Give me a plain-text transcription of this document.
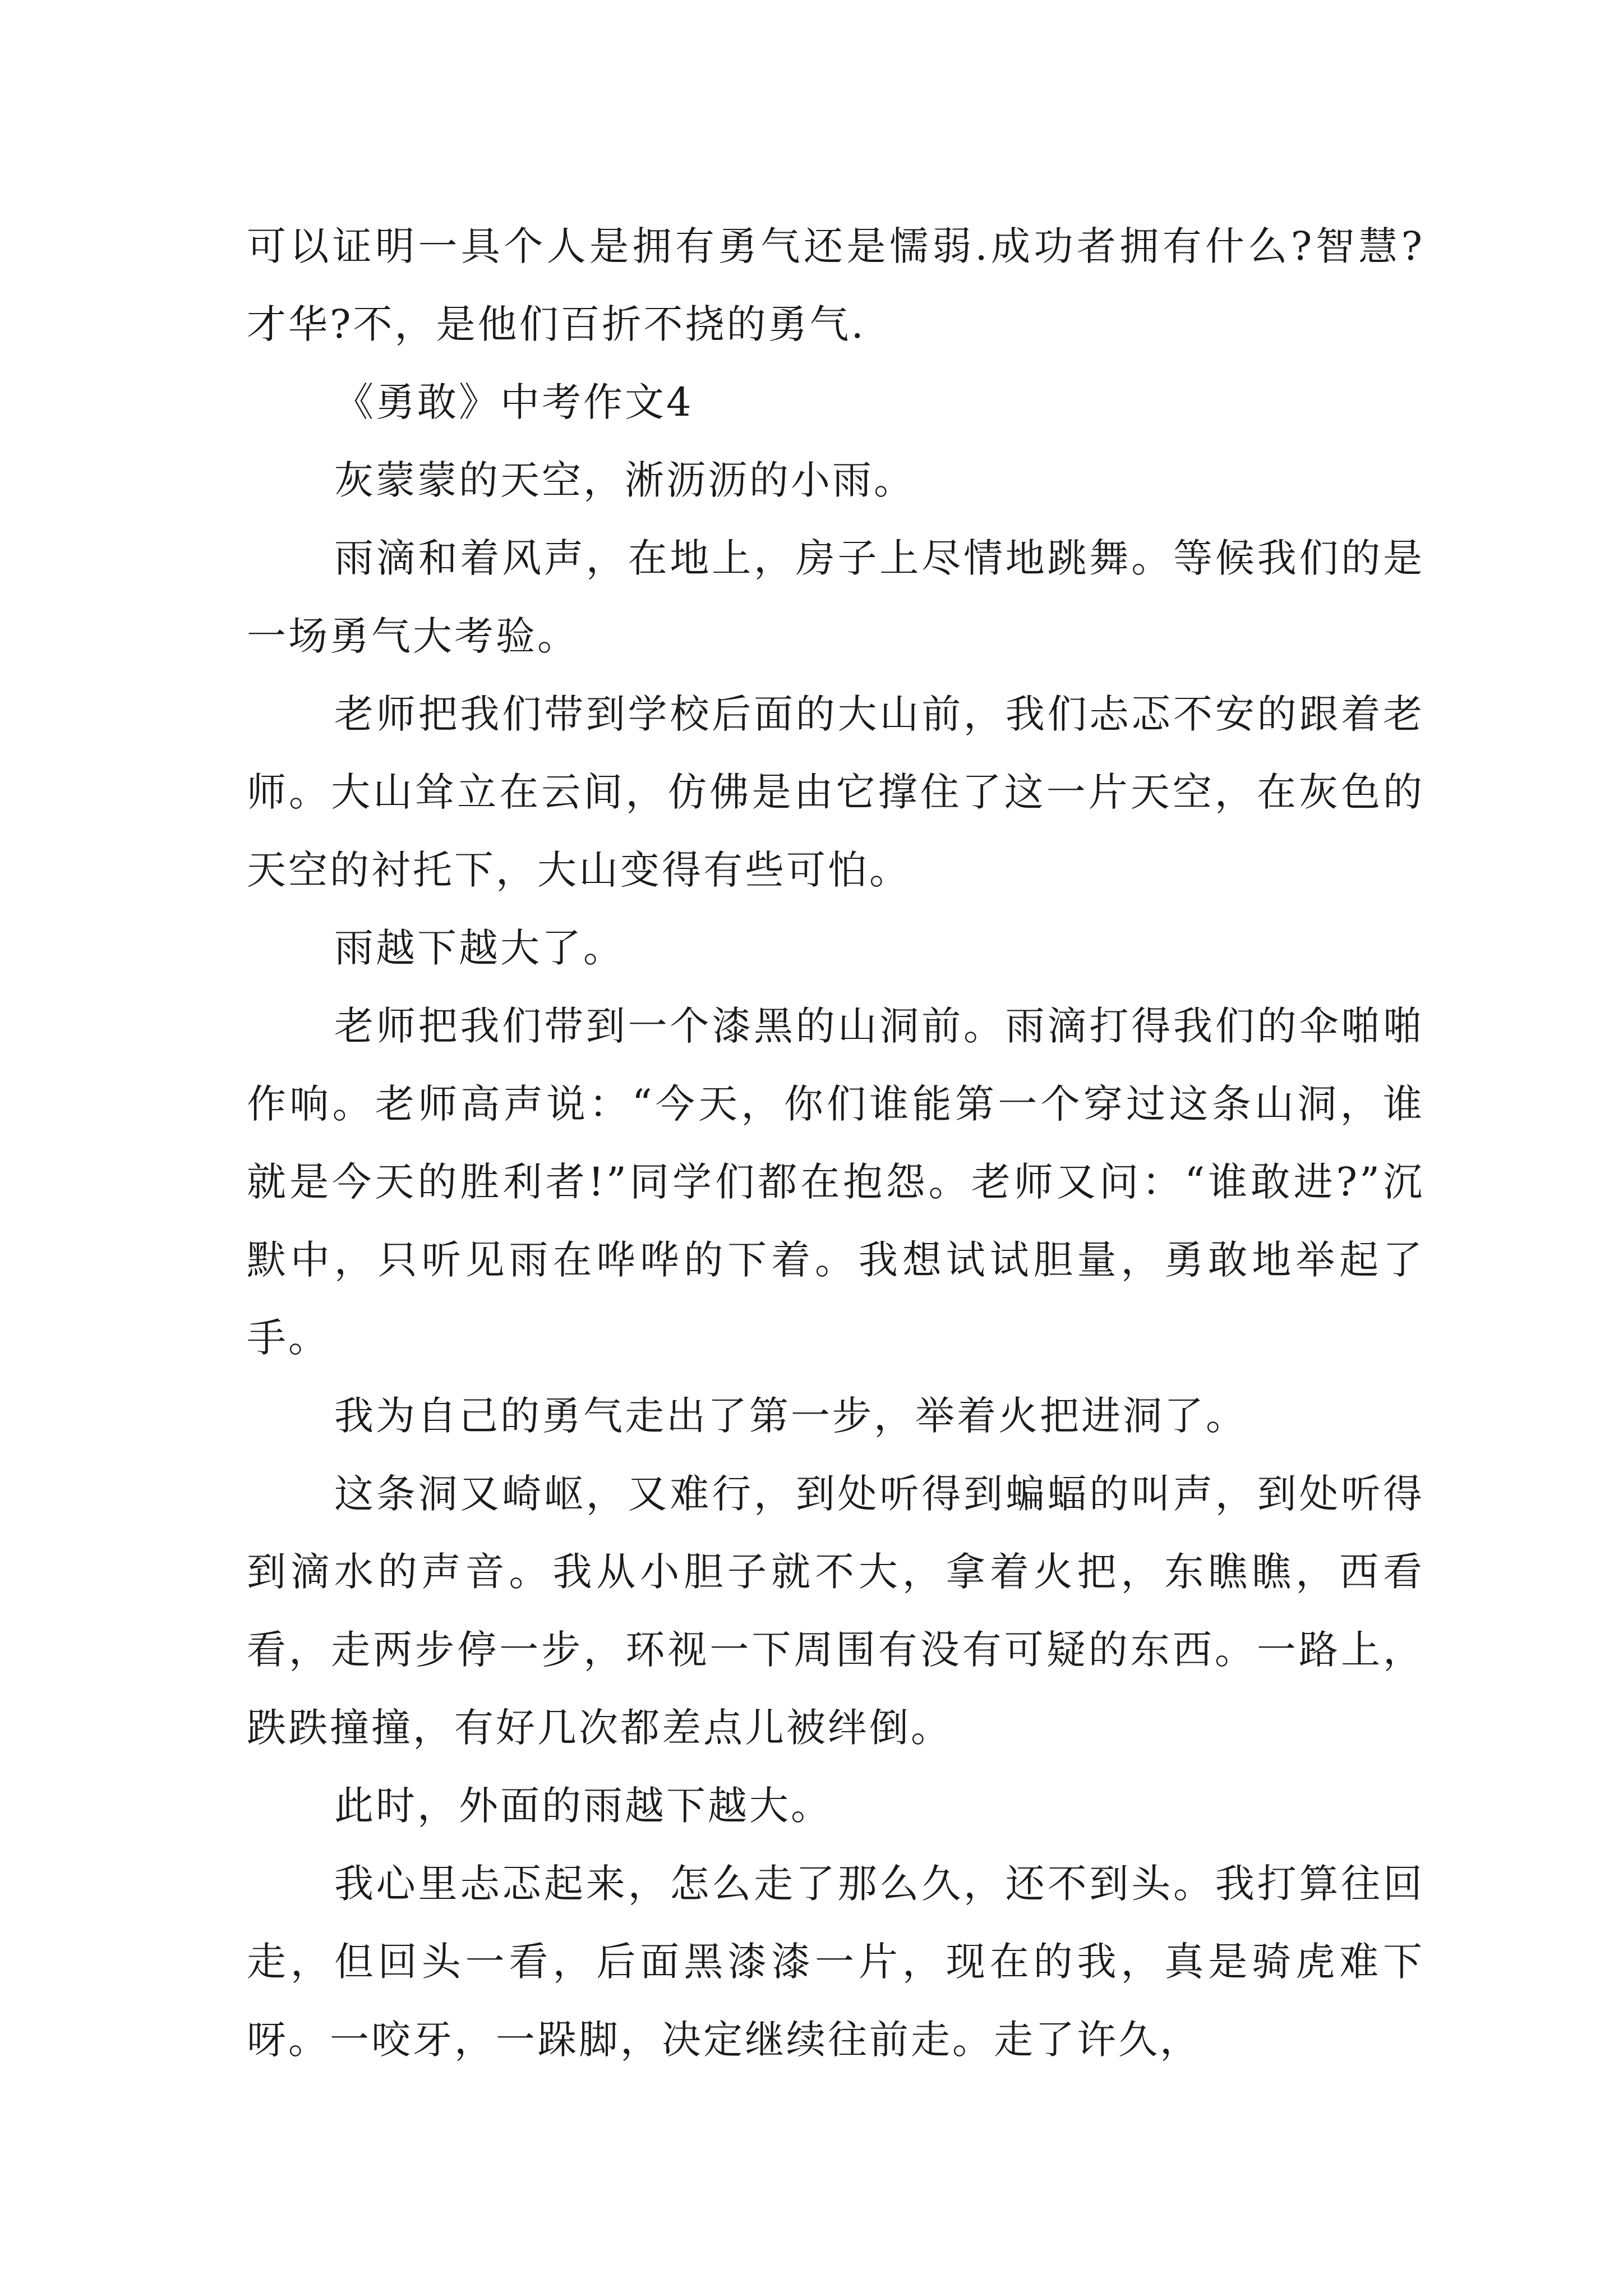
可以证明一具个人是拥有勇气还是懦弱.成功者拥有什么?智慧?才华?不，是他们百折不挠的勇气.

《勇敢》中考作文4

灰蒙蒙的天空，淅沥沥的小雨。

雨滴和着风声，在地上，房子上尽情地跳舞。等候我们的是一场勇气大考验。

老师把我们带到学校后面的大山前，我们忐忑不安的跟着老师。大山耸立在云间，仿佛是由它撑住了这一片天空，在灰色的天空的衬托下，大山变得有些可怕。

雨越下越大了。

老师把我们带到一个漆黑的山洞前。雨滴打得我们的伞啪啪作响。老师高声说：“今天，你们谁能第一个穿过这条山洞，谁就是今天的胜利者!”同学们都在抱怨。老师又问：“谁敢进?”沉默中，只听见雨在哗哗的下着。我想试试胆量，勇敢地举起了手。

我为自己的勇气走出了第一步，举着火把进洞了。

这条洞又崎岖，又难行，到处听得到蝙蝠的叫声，到处听得到滴水的声音。我从小胆子就不大，拿着火把，东瞧瞧，西看看，走两步停一步，环视一下周围有没有可疑的东西。一路上，跌跌撞撞，有好几次都差点儿被绊倒。

此时，外面的雨越下越大。

我心里忐忑起来，怎么走了那么久，还不到头。我打算往回走，但回头一看，后面黑漆漆一片，现在的我，真是骑虎难下呀。一咬牙，一跺脚，决定继续往前走。走了许久，
